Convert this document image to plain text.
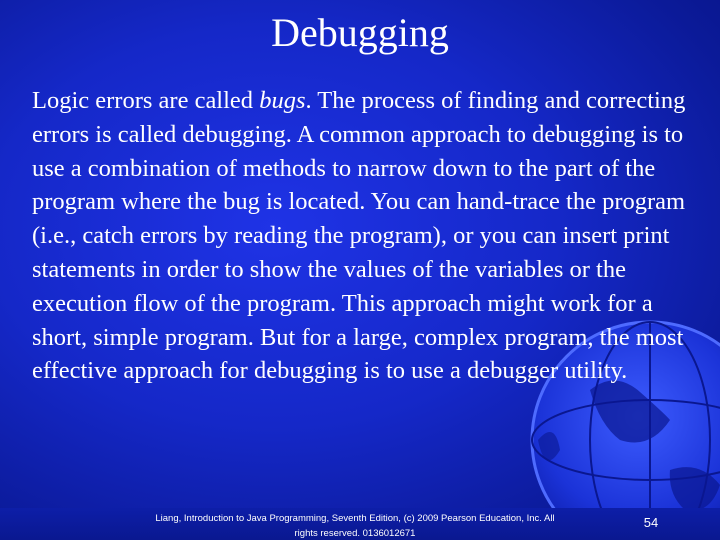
Debugging

Logic errors are called bugs. The process of finding and correcting errors is called debugging. A common approach to debugging is to use a combination of methods to narrow down to the part of the program where the bug is located. You can hand-trace the program (i.e., catch errors by reading the program), or you can insert print statements in order to show the values of the variables or the execution flow of the program. This approach might work for a short, simple program. But for a large, complex program, the most effective approach for debugging is to use a debugger utility.

Liang, Introduction to Java Programming, Seventh Edition, (c) 2009 Pearson Education, Inc. All
rights reserved. 0136012671

54
